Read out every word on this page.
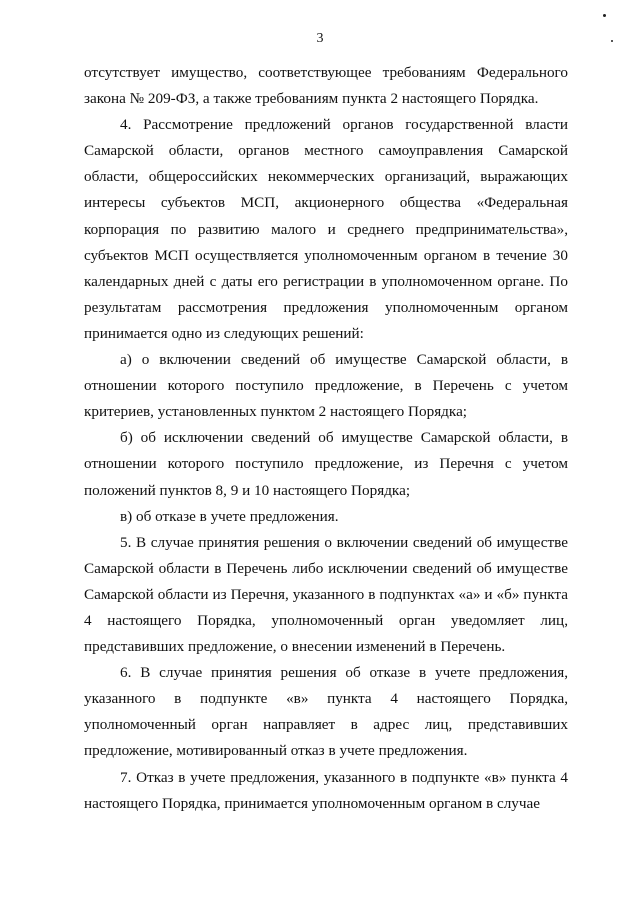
3

отсутствует имущество, соответствующее требованиям Федерального закона № 209-ФЗ, а также требованиям пункта 2 настоящего Порядка.

4. Рассмотрение предложений органов государственной власти Самарской области, органов местного самоуправления Самарской области, общероссийских некоммерческих организаций, выражающих интересы субъектов МСП, акционерного общества «Федеральная корпорация по развитию малого и среднего предпринимательства», субъектов МСП осуществляется уполномоченным органом в течение 30 календарных дней с даты его регистрации в уполномоченном органе. По результатам рассмотрения предложения уполномоченным органом принимается одно из следующих решений:

а) о включении сведений об имуществе Самарской области, в отношении которого поступило предложение, в Перечень с учетом критериев, установленных пунктом 2 настоящего Порядка;

б) об исключении сведений об имуществе Самарской области, в отношении которого поступило предложение, из Перечня с учетом положений пунктов 8, 9 и 10 настоящего Порядка;

в) об отказе в учете предложения.

5. В случае принятия решения о включении сведений об имуществе Самарской области в Перечень либо исключении сведений об имуществе Самарской области из Перечня, указанного в подпунктах «а» и «б» пункта 4 настоящего Порядка, уполномоченный орган уведомляет лиц, представивших предложение, о внесении изменений в Перечень.

6. В случае принятия решения об отказе в учете предложения, указанного в подпункте «в» пункта 4 настоящего Порядка, уполномоченный орган направляет в адрес лиц, представивших предложение, мотивированный отказ в учете предложения.

7. Отказ в учете предложения, указанного в подпункте «в» пункта 4 настоящего Порядка, принимается уполномоченным органом в случае
